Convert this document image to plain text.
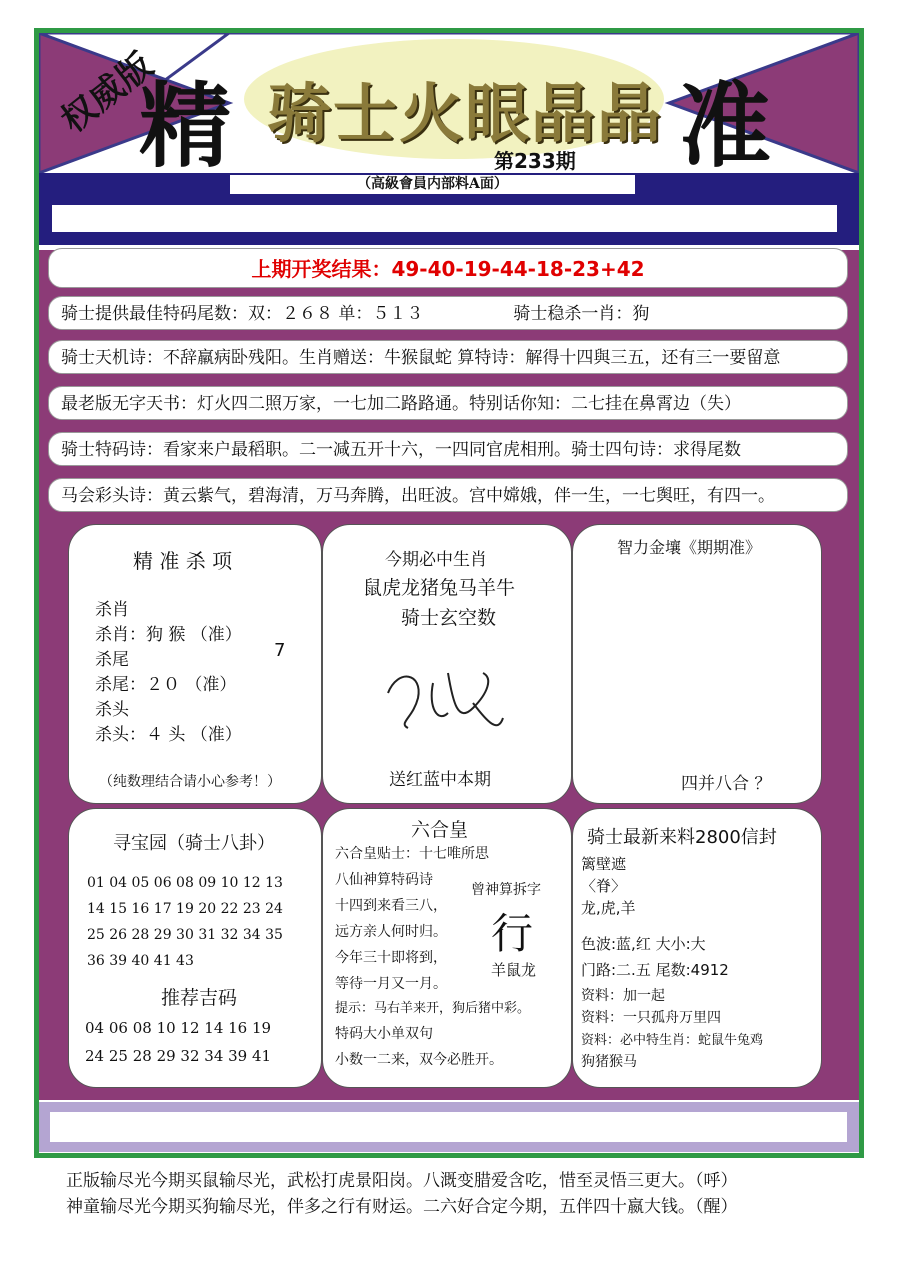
权威版
精 骑士火眼晶晶 准
第233期
（高級會員内部料A面）
上期开奖结果：49-40-19-44-18-23+42
骑士提供最佳特码尾数：双：２６８ 单：５１３	骑士稳杀一肖：狗
骑士天机诗：不辞羸病卧残阳。生肖赠送：牛猴鼠蛇 算特诗：解得十四與三五，还有三一要留意
最老版无字天书：灯火四二照万家，一七加二路路通。特别话你知：二七挂在鼻霄边（失）
骑士特码诗：看家来户最稻职。二一减五开十六，一四同官虎相刑。骑士四句诗：求得尾数
马会彩头诗：黄云紫气，碧海清，万马奔腾，出旺波。宫中嫦娥，伴一生，一七舆旺，有四一。
精 准 杀 项
杀肖
杀肖：狗 猴 （准）
杀尾
杀尾：２０ （准）
杀头
杀头：４ 头 （准）
7
（纯数理结合请小心参考！）
今期必中生肖
鼠虎龙猪兔马羊牛
骑士玄空数
送红蓝中本期
智力金壤《期期准》
四并八合 ？
寻宝园（骑士八卦）
01 04 05 06 08 09 10 12 13
14 15 16 17 19 20 22 23 24
25 26 28 29 30 31 32 34 35
36 39 40 41 43
推荐吉码
04 06 08 10 12 14 16 19
24 25 28 29 32 34 39 41
六合皇
六合皇贴士：十七唯所思
八仙神算特码诗
十四到来看三八，
远方亲人何时归。
今年三十即将到，
等待一月又一月。
提示：马右羊来开，狗后猪中彩。
特码大小单双句
小数一二来，双今必胜开。
曾神算拆字
行
羊鼠龙
骑士最新来料2800信封
篱壁遮
〈脊〉
龙,虎,羊
色波:蓝,红 大小:大
门路:二.五 尾数:4912
资料：加一起
资料：一只孤舟万里四
资料：必中特生肖：蛇鼠牛兔鸡
狗猪猴马
正版输尽光今期买鼠输尽光，武松打虎景阳岗。八溉变腊爱含吃，惜至灵悟三更大。（呼）
神童输尽光今期买狗输尽光，伴多之行有财运。二六好合定今期，五伴四十嬴大钱。（醒）
